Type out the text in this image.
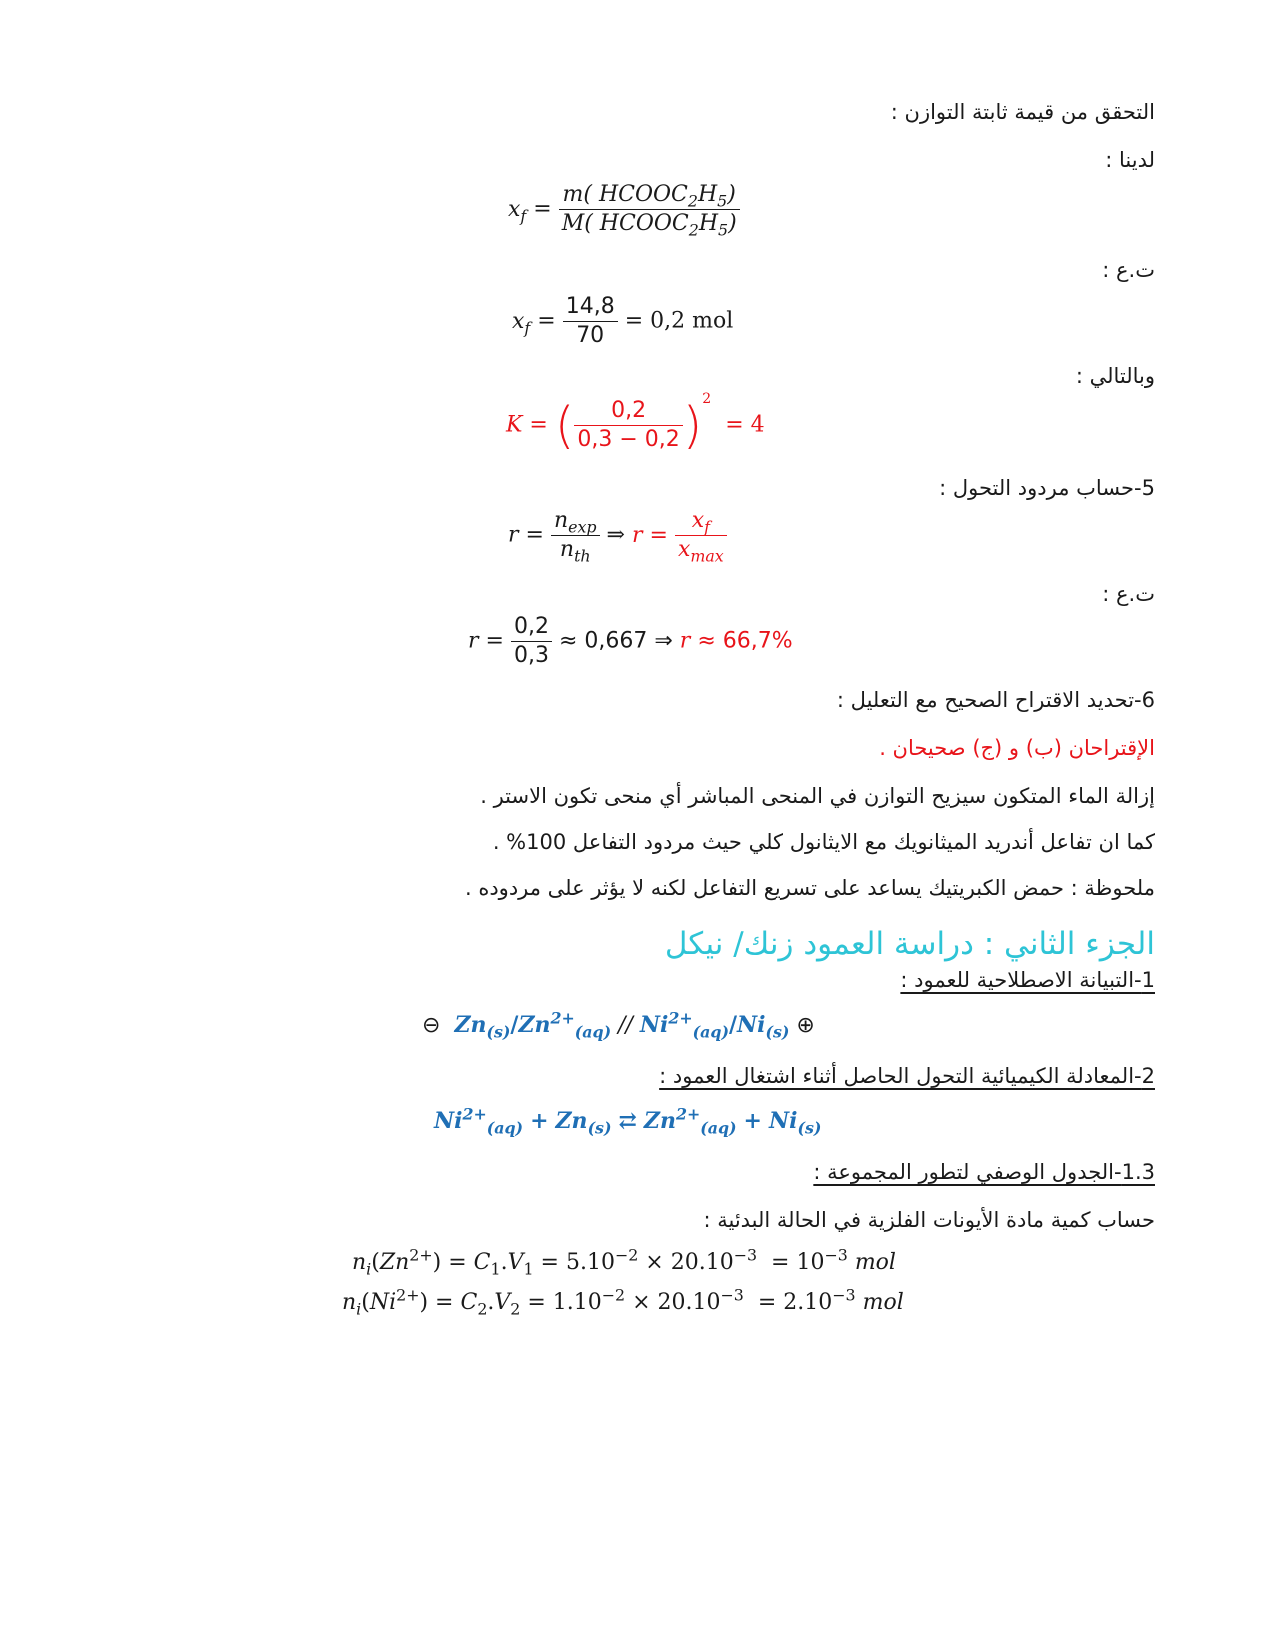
التحقق من قيمة ثابتة التوازن :
لدينا :
$x_f = \frac{m( HCOOC_2H_5)}{M( HCOOC_2H_5)}$
ت.ع :
$x_f = \frac{14,8}{70} = 0,2$ mol
وبالتالي :
K = ( $\frac{0,2}{0,3 - 0,2} )^2 = 4$
5-حساب مردود التحول :
$r = \frac{n_{exp}}{n_{th}}$ ⇒ $r = \frac{x_f}{x_{max}}$
ت.ع :
$r = \frac{0,2}{0,3} \approx 0,667$ ⇒ r ≈ 66,7%
6-تحديد الاقتراح الصحيح مع التعليل :
الإقتراحان (ب) و (ج) صحيحان .
إزالة الماء المتكون سيزيح التوازن في المنحى المباشر أي منحى تكون الاستر .
كما ان تفاعل أندريد الميثانويك مع الايثانول كلي حيث مردود التفاعل 100% .
ملحوظة : حمض الكبريتيك يساعد على تسريع التفاعل لكنه لا يؤثر على مردوده .
الجزء الثاني : دراسة العمود زنك/ نيكل
1-التبيانة الاصطلاحية للعمود :
⊖ $Zn_{(s)}/Zn^{2+}_{(aq)} // Ni^{2+}_{(aq)}/Ni_{(s)}$ ⊕
2-المعادلة الكيميائية التحول الحاصل أثناء اشتغال العمود :
$Ni^{2+}_{(aq)} + Zn_{(s)}$ ⇄ $Zn^{2+}_{(aq)} + Ni_{(s)}$
1.3-الجدول الوصفي لتطور المجموعة :
حساب كمية مادة الأيونات الفلزية في الحالة البدئية :
$n_i(Zn^{2+}) = C_1.V_1 = 5.10^{-2} \times 20.10^{-3} = 10^{-3}$ mol
$n_i(Ni^{2+}) = C_2.V_2 = 1.10^{-2} \times 20.10^{-3} = 2.10^{-3}$ mol
